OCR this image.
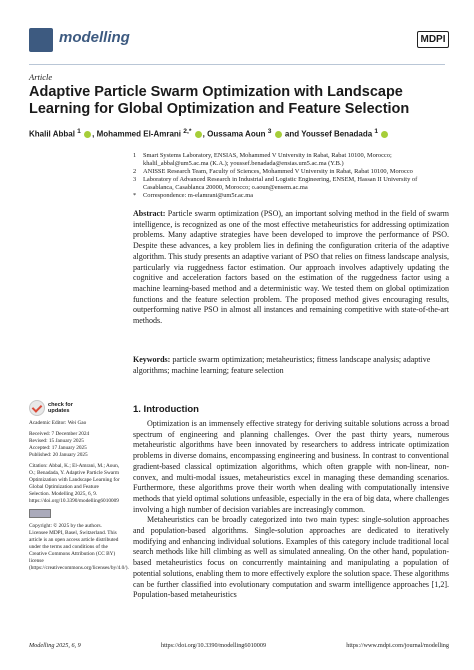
modelling	MDPI
Article
Adaptive Particle Swarm Optimization with Landscape Learning for Global Optimization and Feature Selection
Khalil Abbal $^1$ , Mohammed El-Amrani $^{2,*}$ , Oussama Aoun $^3$  and Youssef Benadada $^1$
1	Smart Systems Laboratory, ENSIAS, Mohammed V University in Rabat, Rabat 10100, Morocco; khalil_abbal@um5.ac.ma (K.A.); youssef.benadada@ensias.um5.ac.ma (Y.B.)
2	ANISSE Research Team, Faculty of Sciences, Mohammed V University in Rabat, Rabat 10100, Morocco
3	Laboratory of Advanced Research in Industrial and Logistic Engineering, ENSEM, Hassan II University of Casablanca, Casablanca 20000, Morocco; o.aoun@ensem.ac.ma
*	Correspondence: m-elamrani@um5r.ac.ma
Abstract: Particle swarm optimization (PSO), an important solving method in the field of swarm intelligence, is recognized as one of the most effective metaheuristics for addressing optimization problems. Many adaptive strategies have been developed to improve the performance of PSO. Despite these advances, a key problem lies in defining the configuration criteria of the adaptive algorithm. This study presents an adaptive variant of PSO that relies on fitness landscape analysis, particularly via ruggedness factor estimation. Our approach involves adaptively updating the cognitive and acceleration factors based on the estimation of the ruggedness factor using a machine learning-based method and a deterministic way. We tested them on global optimization functions and the feature selection problem. The proposed method gives encouraging results, outperforming native PSO in almost all instances and remaining competitive with state-of-the-art methods.
Keywords: particle swarm optimization; metaheuristics; fitness landscape analysis; adaptive algorithms; machine learning; feature selection
check for
updates

Academic Editor: Wei Gao

Received: 7 December 2024

Revised: 15 January 2025

Accepted: 17 January 2025

Published: 20 January 2025

Citation: Abbal, K.; El-Amrani, M.; Aoun, O.; Benadada, Y. Adaptive Particle Swarm Optimization with Landscape Learning for Global Optimization and Feature Selection. Modelling 2025, 6, 9. https://doi.org/10.3390/modelling6010009

Copyright: © 2025 by the authors. Licensee MDPI, Basel, Switzerland. This article is an open access article distributed under the terms and conditions of the Creative Commons Attribution (CC BY) license (https://creativecommons.org/licenses/by/4.0/).

1. Introduction

Optimization is an immensely effective strategy for deriving suitable solutions across a broad spectrum of engineering and planning challenges. Over the past thirty years, numerous metaheuristic algorithms have been innovated by researchers to address intricate optimization problems in diverse domains, encompassing engineering and business. In contrast to conventional gradient-based classical optimization algorithms, which often grapple with non-linear, non-convex, and multi-modal issues, metaheuristics excel in managing these demanding scenarios. Furthermore, these algorithms prove their worth when dealing with computationally intensive methods that yield optimal solutions unfeasible, especially in the era of big data, where challenges involving a high number of decision variables are increasingly common.

Metaheuristics can be broadly categorized into two main types: single-solution approaches and population-based algorithms. Single-solution approaches are dedicated to iteratively modifying and enhancing individual solutions. Examples of this category include traditional local search methods like hill climbing as well as simulated annealing. On the other hand, population-based metaheuristics focus on concurrently maintaining and manipulating a population of potential solutions, enabling them to more effectively explore the solution space. These algorithms can be further classified into evolutionary computation and swarm intelligence approaches [1,2]. Population-based metaheuristics

Modelling 2025, 6, 9	https://doi.org/10.3390/modelling6010009	https://www.mdpi.com/journal/modelling
